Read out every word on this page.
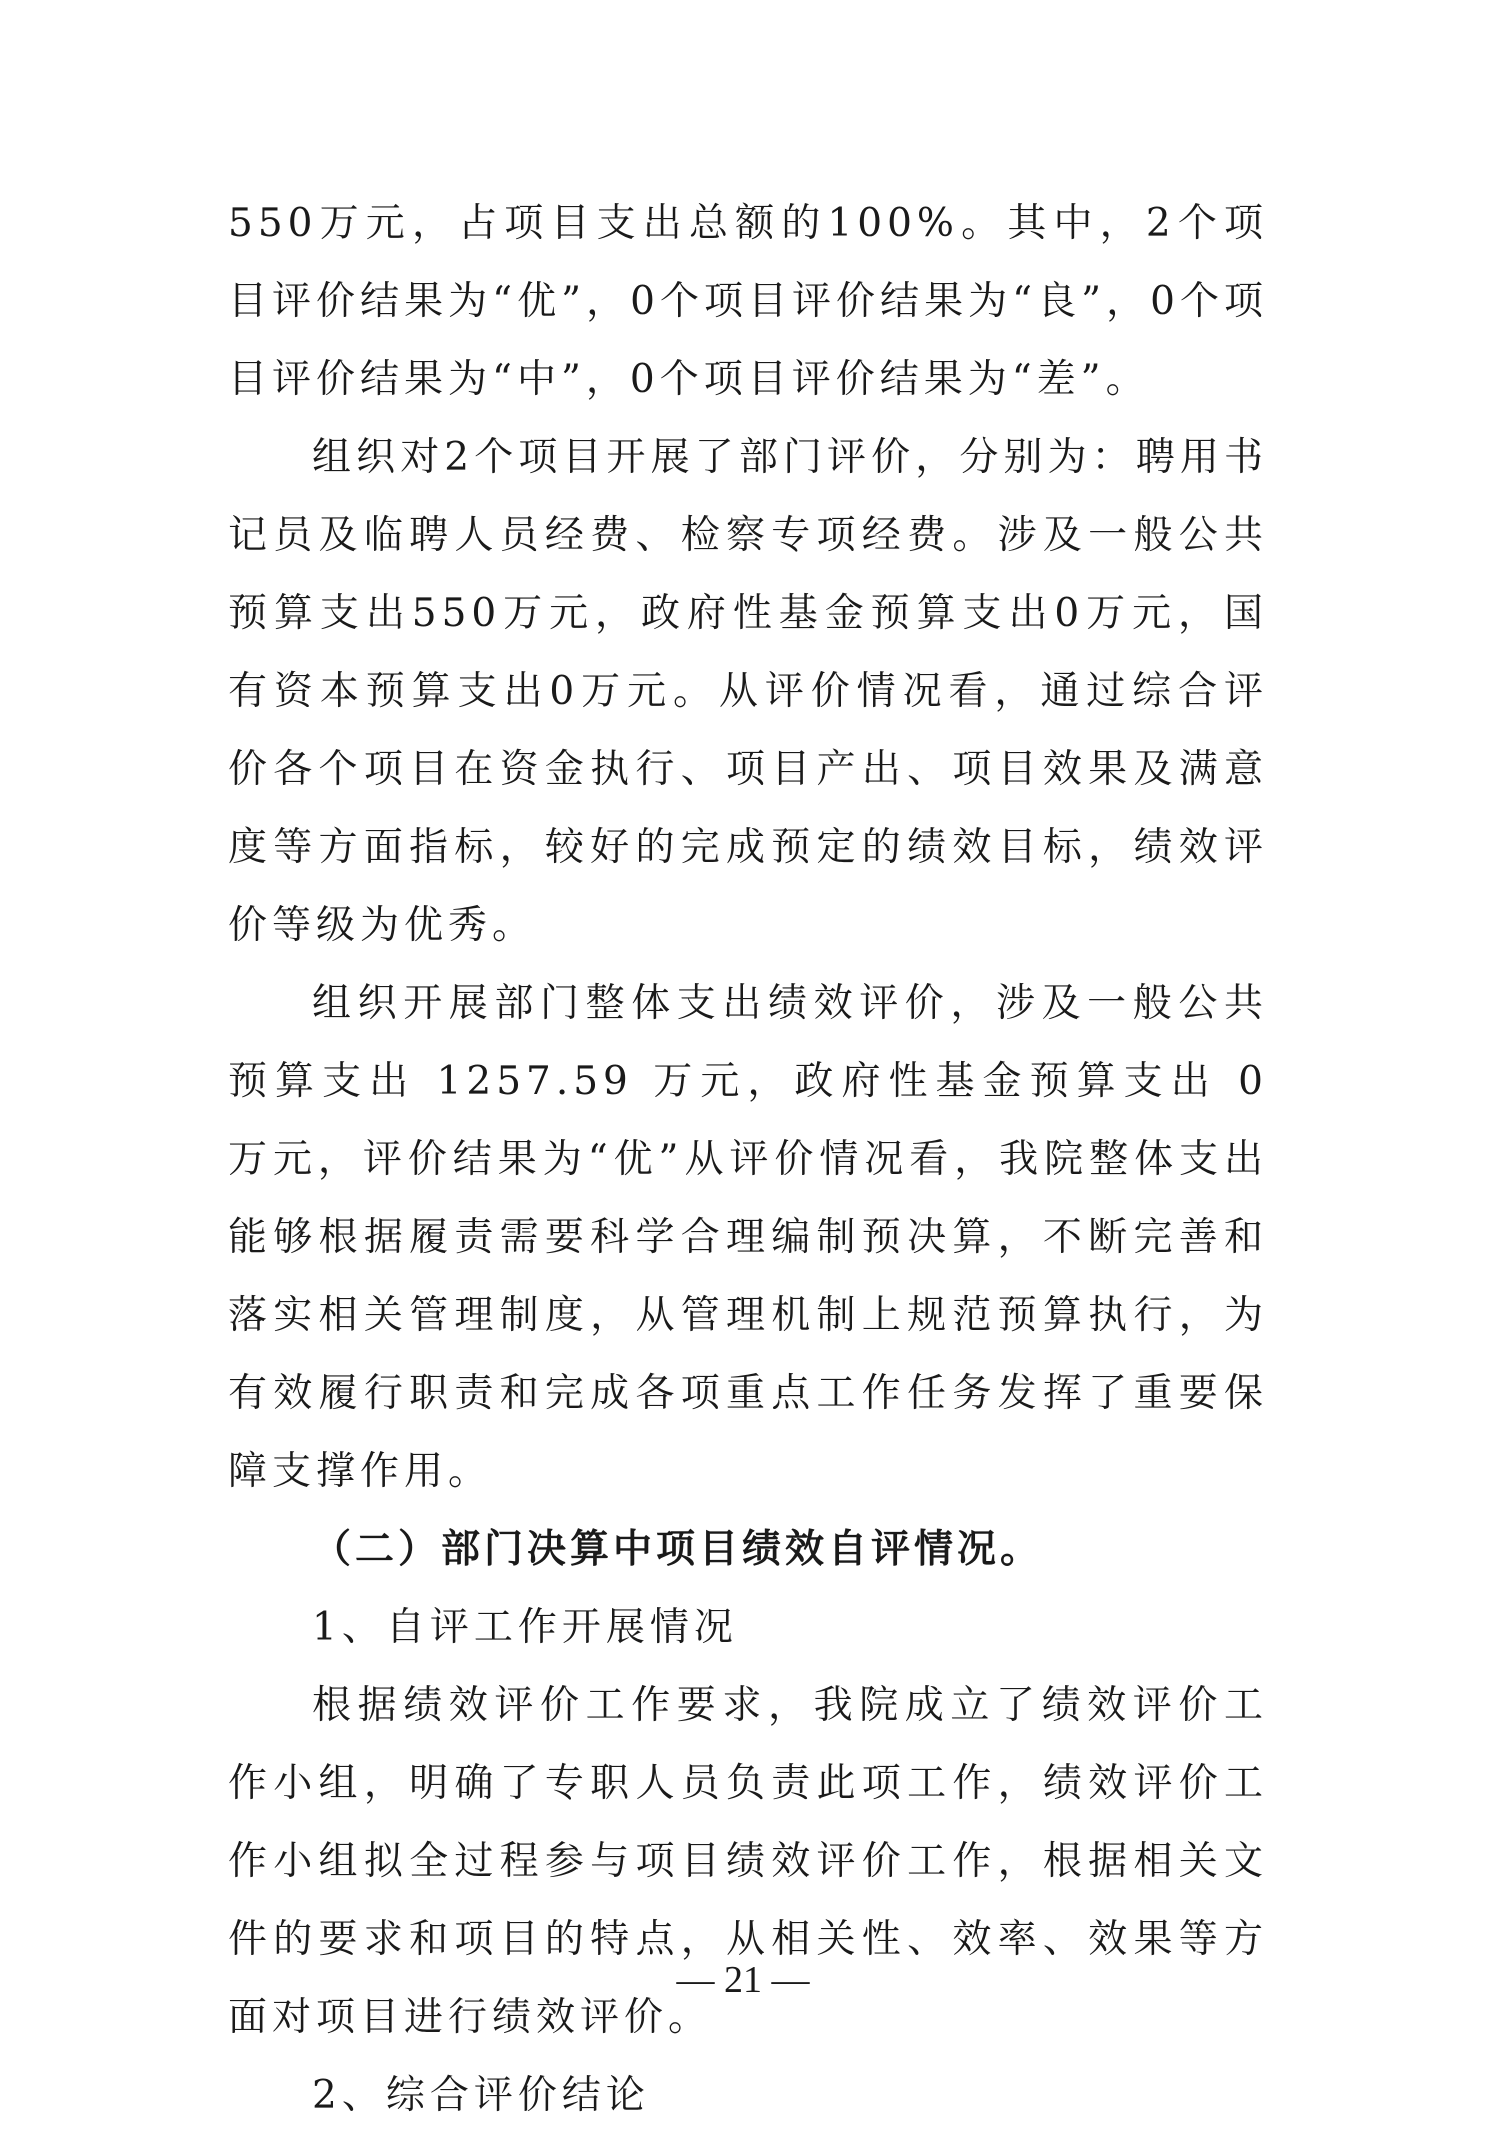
550万元，占项目支出总额的100%。其中，2个项目评价结果为“优”，0个项目评价结果为“良”，0个项目评价结果为“中”，0个项目评价结果为“差”。

组织对2个项目开展了部门评价，分别为：聘用书记员及临聘人员经费、检察专项经费。涉及一般公共预算支出550万元，政府性基金预算支出0万元，国有资本预算支出0万元。从评价情况看，通过综合评价各个项目在资金执行、项目产出、项目效果及满意度等方面指标，较好的完成预定的绩效目标，绩效评价等级为优秀。

组织开展部门整体支出绩效评价，涉及一般公共预算支出 1257.59 万元，政府性基金预算支出 0 万元，评价结果为“优”从评价情况看，我院整体支出能够根据履责需要科学合理编制预决算，不断完善和落实相关管理制度，从管理机制上规范预算执行，为有效履行职责和完成各项重点工作任务发挥了重要保障支撑作用。

（二）部门决算中项目绩效自评情况。

1、自评工作开展情况

根据绩效评价工作要求，我院成立了绩效评价工作小组，明确了专职人员负责此项工作，绩效评价工作小组拟全过程参与项目绩效评价工作，根据相关文件的要求和项目的特点，从相关性、效率、效果等方面对项目进行绩效评价。

2、综合评价结论

— 21 —
